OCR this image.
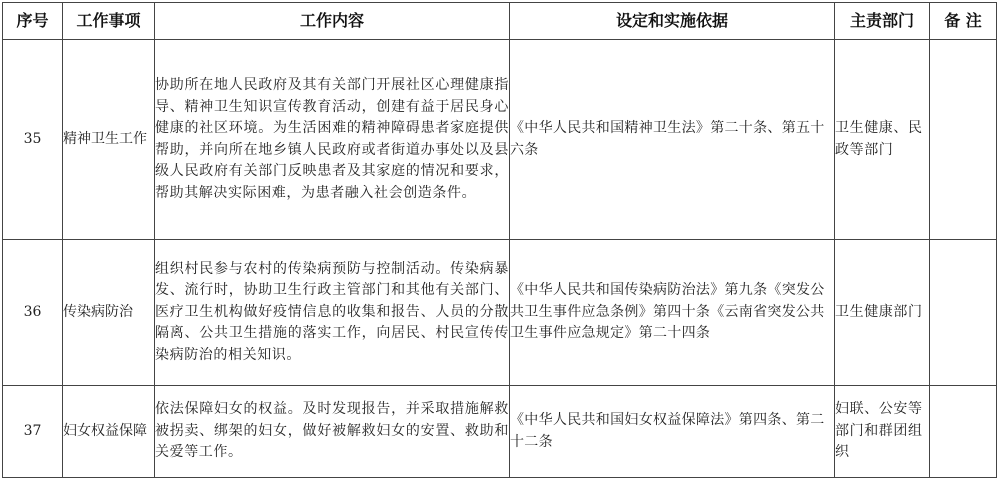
序号	工作事项	工作内容	设定和实施依据	主责部门	备 注
35	精神卫生工作	协助所在地人民政府及其有关部门开展社区心理健康指导、精神卫生知识宣传教育活动，创建有益于居民身心健康的社区环境。为生活困难的精神障碍患者家庭提供帮助，并向所在地乡镇人民政府或者街道办事处以及县级人民政府有关部门反映患者及其家庭的情况和要求，帮助其解决实际困难，为患者融入社会创造条件。	《中华人民共和国精神卫生法》第二十条、第五十六条	卫生健康、民政等部门	
36	传染病防治	组织村民参与农村的传染病预防与控制活动。传染病暴发、流行时，协助卫生行政主管部门和其他有关部门、医疗卫生机构做好疫情信息的收集和报告、人员的分散隔离、公共卫生措施的落实工作，向居民、村民宣传传染病防治的相关知识。	《中华人民共和国传染病防治法》第九条《突发公共卫生事件应急条例》第四十条《云南省突发公共卫生事件应急规定》第二十四条	卫生健康部门	
37	妇女权益保障	依法保障妇女的权益。及时发现报告，并采取措施解救被拐卖、绑架的妇女，做好被解救妇女的安置、救助和关爱等工作。	《中华人民共和国妇女权益保障法》第四条、第二十二条	妇联、公安等部门和群团组织	
